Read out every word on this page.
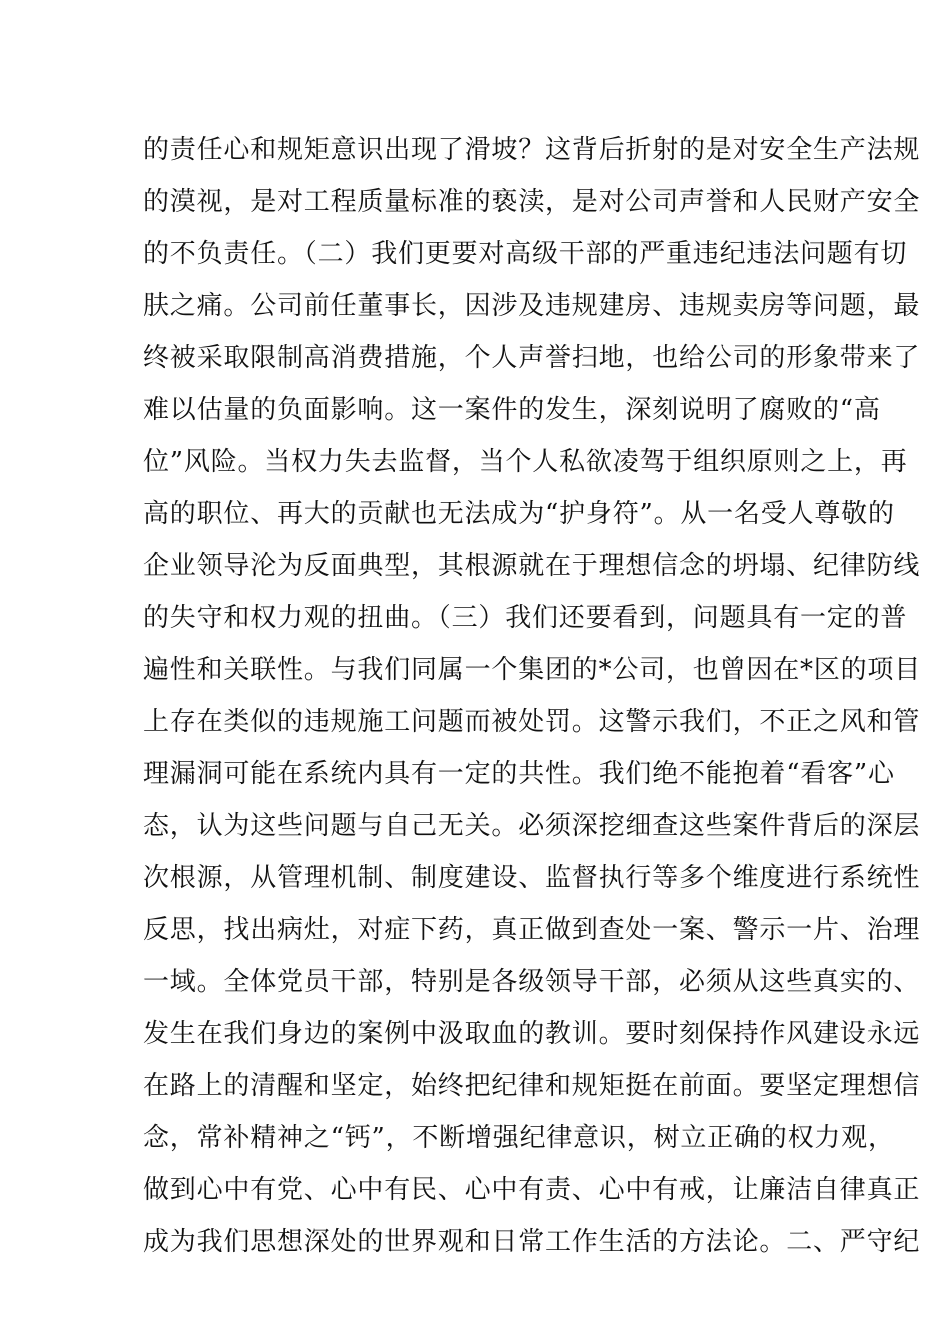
的责任心和规矩意识出现了滑坡？这背后折射的是对安全生产法规
的漠视，是对工程质量标准的亵渎，是对公司声誉和人民财产安全
的不负责任。（二）我们更要对高级干部的严重违纪违法问题有切
肤之痛。公司前任董事长，因涉及违规建房、违规卖房等问题，最
终被采取限制高消费措施，个人声誉扫地，也给公司的形象带来了
难以估量的负面影响。这一案件的发生，深刻说明了腐败的“高
位”风险。当权力失去监督，当个人私欲凌驾于组织原则之上，再
高的职位、再大的贡献也无法成为“护身符”。从一名受人尊敬的
企业领导沦为反面典型，其根源就在于理想信念的坍塌、纪律防线
的失守和权力观的扭曲。（三）我们还要看到，问题具有一定的普
遍性和关联性。与我们同属一个集团的*公司，也曾因在*区的项目
上存在类似的违规施工问题而被处罚。这警示我们，不正之风和管
理漏洞可能在系统内具有一定的共性。我们绝不能抱着“看客”心
态，认为这些问题与自己无关。必须深挖细查这些案件背后的深层
次根源，从管理机制、制度建设、监督执行等多个维度进行系统性
反思，找出病灶，对症下药，真正做到查处一案、警示一片、治理
一域。全体党员干部，特别是各级领导干部，必须从这些真实的、
发生在我们身边的案例中汲取血的教训。要时刻保持作风建设永远
在路上的清醒和坚定，始终把纪律和规矩挺在前面。要坚定理想信
念，常补精神之“钙”，不断增强纪律意识，树立正确的权力观，
做到心中有党、心中有民、心中有责、心中有戒，让廉洁自律真正
成为我们思想深处的世界观和日常工作生活的方法论。二、严守纪
